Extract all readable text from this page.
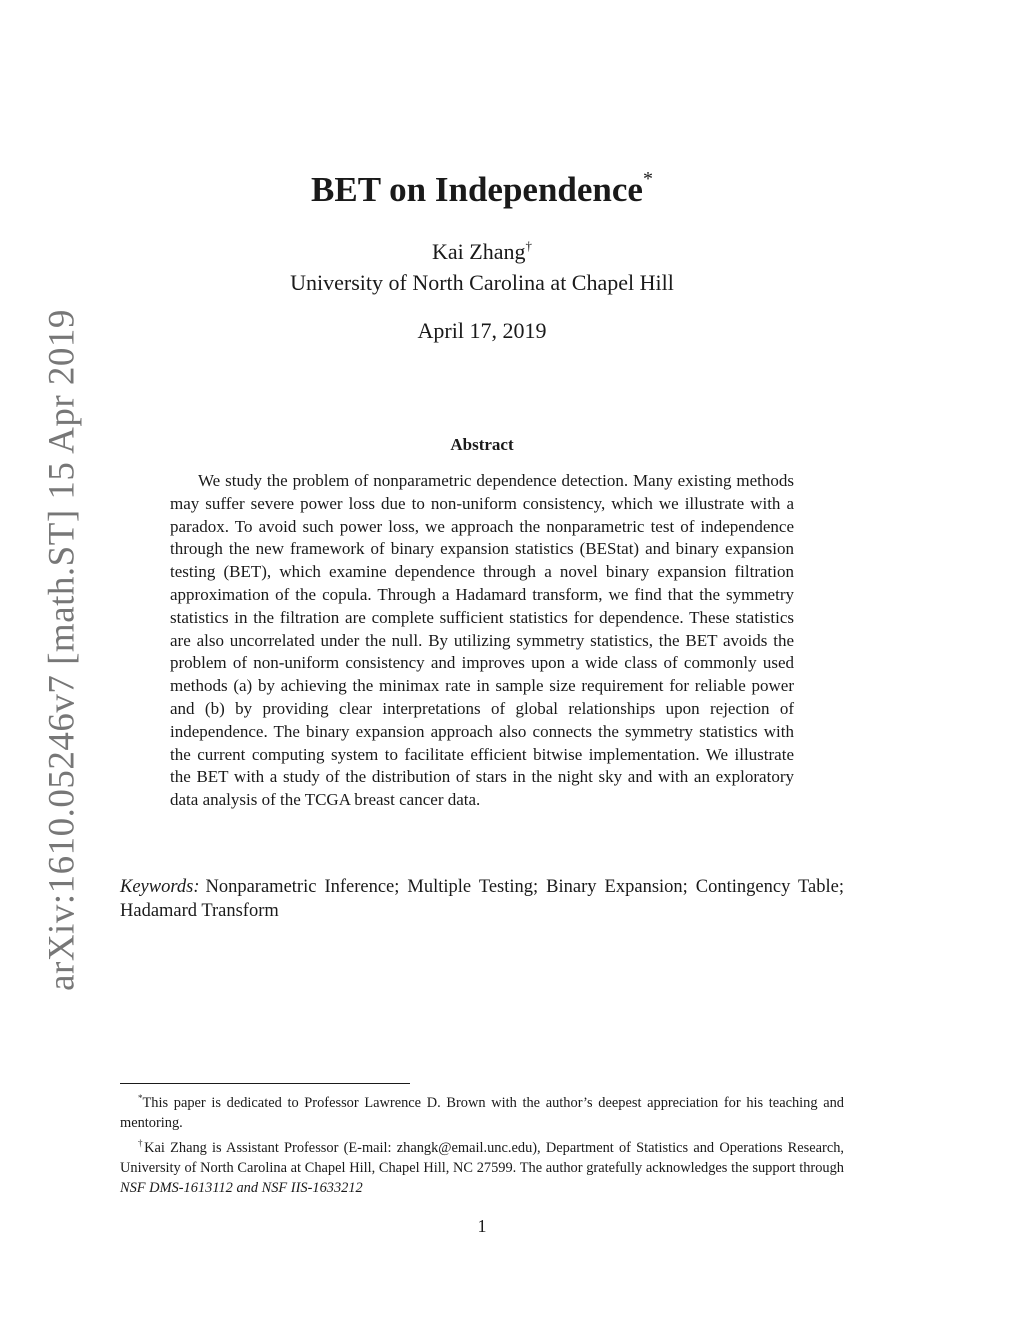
arXiv:1610.05246v7 [math.ST] 15 Apr 2019
BET on Independence*
Kai Zhang†
University of North Carolina at Chapel Hill
April 17, 2019
Abstract

We study the problem of nonparametric dependence detection. Many existing methods may suffer severe power loss due to non-uniform consistency, which we illustrate with a paradox. To avoid such power loss, we approach the nonparametric test of independence through the new framework of binary expansion statistics (BEStat) and binary expansion testing (BET), which examine dependence through a novel binary expansion filtration approximation of the copula. Through a Hadamard transform, we find that the symmetry statistics in the filtration are complete sufficient statistics for dependence. These statistics are also uncorrelated under the null. By utilizing symmetry statistics, the BET avoids the problem of non-uniform consistency and improves upon a wide class of commonly used methods (a) by achieving the minimax rate in sample size requirement for reliable power and (b) by providing clear interpretations of global relationships upon rejection of independence. The binary expansion approach also connects the symmetry statistics with the current computing system to facilitate efficient bitwise implementation. We illustrate the BET with a study of the distribution of stars in the night sky and with an exploratory data analysis of the TCGA breast cancer data.

Keywords: Nonparametric Inference; Multiple Testing; Binary Expansion; Contingency Table; Hadamard Transform

*This paper is dedicated to Professor Lawrence D. Brown with the author’s deepest appreciation for his teaching and mentoring.

†Kai Zhang is Assistant Professor (E-mail: zhangk@email.unc.edu), Department of Statistics and Operations Research, University of North Carolina at Chapel Hill, Chapel Hill, NC 27599. The author gratefully acknowledges the support through NSF DMS-1613112 and NSF IIS-1633212

1
